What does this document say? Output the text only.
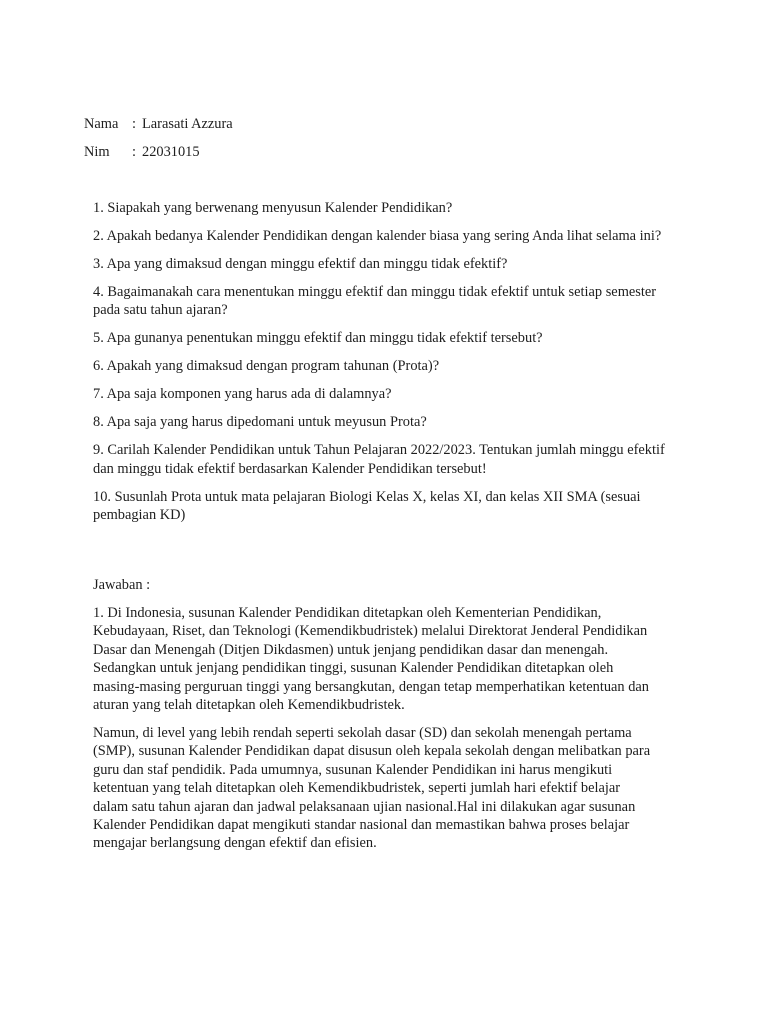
Nama : Larasati Azzura
Nim : 22031015
1. Siapakah yang berwenang menyusun Kalender Pendidikan?
2. Apakah bedanya Kalender Pendidikan dengan kalender biasa yang sering Anda lihat selama ini?
3. Apa yang dimaksud dengan minggu efektif dan minggu tidak efektif?
4. Bagaimanakah cara menentukan minggu efektif dan minggu tidak efektif untuk setiap semester pada satu tahun ajaran?
5. Apa gunanya penentukan minggu efektif dan minggu tidak efektif tersebut?
6. Apakah yang dimaksud dengan program tahunan (Prota)?
7. Apa saja komponen yang harus ada di dalamnya?
8. Apa saja yang harus dipedomani untuk meyusun Prota?
9. Carilah Kalender Pendidikan untuk Tahun Pelajaran 2022/2023. Tentukan jumlah minggu efektif dan minggu tidak efektif berdasarkan Kalender Pendidikan tersebut!
10. Susunlah Prota untuk mata pelajaran Biologi Kelas X, kelas XI, dan kelas XII SMA (sesuai pembagian KD)

Jawaban :

1. Di Indonesia, susunan Kalender Pendidikan ditetapkan oleh Kementerian Pendidikan, Kebudayaan, Riset, dan Teknologi (Kemendikbudristek) melalui Direktorat Jenderal Pendidikan Dasar dan Menengah (Ditjen Dikdasmen) untuk jenjang pendidikan dasar dan menengah. Sedangkan untuk jenjang pendidikan tinggi, susunan Kalender Pendidikan ditetapkan oleh masing-masing perguruan tinggi yang bersangkutan, dengan tetap memperhatikan ketentuan dan aturan yang telah ditetapkan oleh Kemendikbudristek.

Namun, di level yang lebih rendah seperti sekolah dasar (SD) dan sekolah menengah pertama (SMP), susunan Kalender Pendidikan dapat disusun oleh kepala sekolah dengan melibatkan para guru dan staf pendidik. Pada umumnya, susunan Kalender Pendidikan ini harus mengikuti ketentuan yang telah ditetapkan oleh Kemendikbudristek, seperti jumlah hari efektif belajar dalam satu tahun ajaran dan jadwal pelaksanaan ujian nasional.Hal ini dilakukan agar susunan Kalender Pendidikan dapat mengikuti standar nasional dan memastikan bahwa proses belajar mengajar berlangsung dengan efektif dan efisien.
